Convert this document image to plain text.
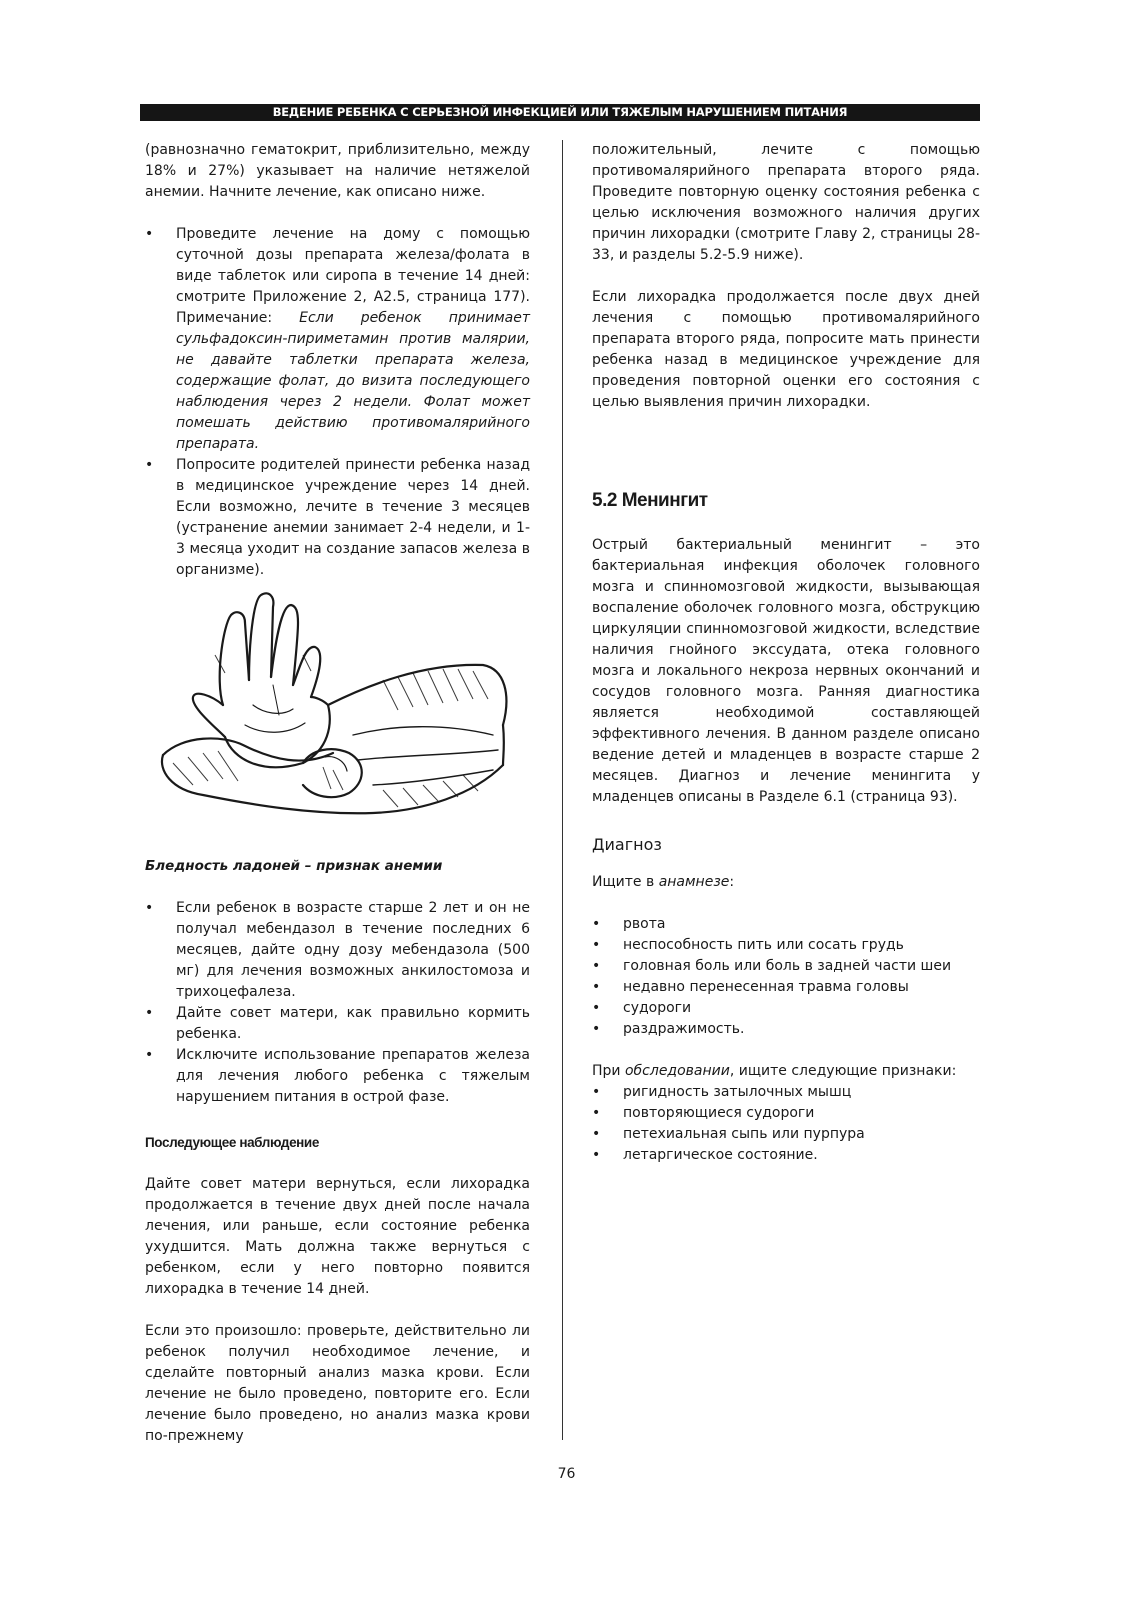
ВЕДЕНИЕ РЕБЕНКА С СЕРЬЕЗНОЙ ИНФЕКЦИЕЙ ИЛИ ТЯЖЕЛЫМ НАРУШЕНИЕМ ПИТАНИЯ

(равнозначно гематокрит, приблизительно, между 18% и 27%) указывает на наличие нетяжелой анемии. Начните лечение, как описано ниже.

• Проведите лечение на дому с помощью суточной дозы препарата железа/фолата в виде таблеток или сиропа в течение 14 дней: смотрите Приложение 2, А2.5, страница 177). Примечание: Если ребенок принимает сульфадоксин-пириметамин против малярии, не давайте таблетки препарата железа, содержащие фолат, до визита последующего наблюдения через 2 недели. Фолат может помешать действию противомалярийного препарата.
• Попросите родителей принести ребенка назад в медицинское учреждение через 14 дней. Если возможно, лечите в течение 3 месяцев (устранение анемии занимает 2-4 недели, и 1-3 месяца уходит на создание запасов железа в организме).

Бледность ладоней – признак анемии

• Если ребенок в возрасте старше 2 лет и он не получал мебендазол в течение последних 6 месяцев, дайте одну дозу мебендазола (500 мг) для лечения возможных анкилостомоза и трихоцефалеза.
• Дайте совет матери, как правильно кормить ребенка.
• Исключите использование препаратов железа для лечения любого ребенка с тяжелым нарушением питания в острой фазе.

Последующее наблюдение

Дайте совет матери вернуться, если лихорадка продолжается в течение двух дней после начала лечения, или раньше, если состояние ребенка ухудшится. Мать должна также вернуться с ребенком, если у него повторно появится лихорадка в течение 14 дней.

Если это произошло: проверьте, действительно ли ребенок получил необходимое лечение, и сделайте повторный анализ мазка крови. Если лечение не было проведено, повторите его. Если лечение было проведено, но анализ мазка крови по-прежнему

положительный, лечите с помощью противомалярийного препарата второго ряда. Проведите повторную оценку состояния ребенка с целью исключения возможного наличия других причин лихорадки (смотрите Главу 2, страницы 28-33, и разделы 5.2-5.9 ниже).

Если лихорадка продолжается после двух дней лечения с помощью противомалярийного препарата второго ряда, попросите мать принести ребенка назад в медицинское учреждение для проведения повторной оценки его состояния с целью выявления причин лихорадки.

5.2 Менингит

Острый бактериальный менингит – это бактериальная инфекция оболочек головного мозга и спинномозговой жидкости, вызывающая воспаление оболочек головного мозга, обструкцию циркуляции спинномозговой жидкости, вследствие наличия гнойного экссудата, отека головного мозга и локального некроза нервных окончаний и сосудов головного мозга. Ранняя диагностика является необходимой составляющей эффективного лечения. В данном разделе описано ведение детей и младенцев в возрасте старше 2 месяцев. Диагноз и лечение менингита у младенцев описаны в Разделе 6.1 (страница 93).

Диагноз

Ищите в анамнезе:

• рвота
• неспособность пить или сосать грудь
• головная боль или боль в задней части шеи
• недавно перенесенная травма головы
• судороги
• раздражимость.

При обследовании, ищите следующие признаки:

• ригидность затылочных мышц
• повторяющиеся судороги
• петехиальная сыпь или пурпура
• летаргическое состояние.
76
